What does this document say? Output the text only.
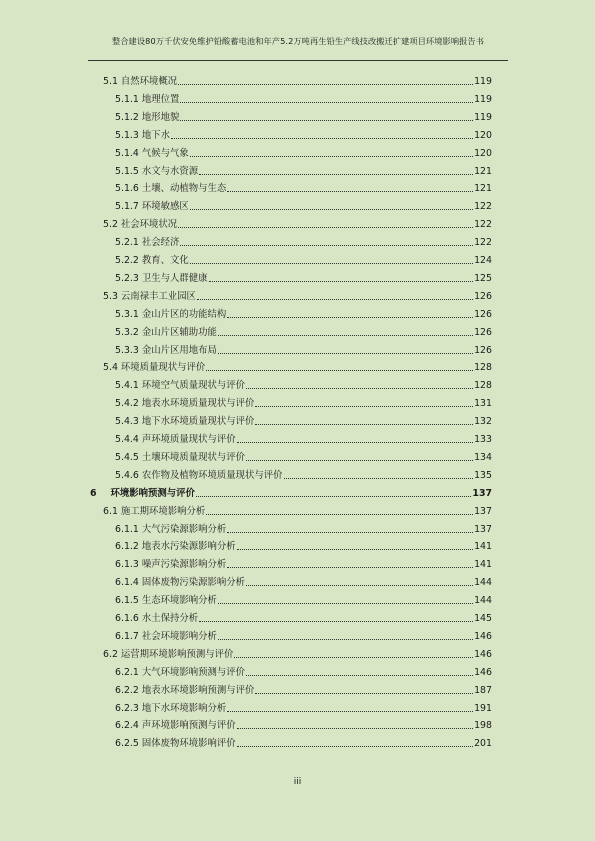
整合建设80万千伏安免维护铅酸蓄电池和年产5.2万吨再生铅生产线技改搬迁扩建项目环境影响报告书
5.1 自然环境概况	119
5.1.1 地理位置	119
5.1.2 地形地貌	119
5.1.3 地下水	120
5.1.4 气候与气象	120
5.1.5 水文与水资源	121
5.1.6 土壤、动植物与生态	121
5.1.7 环境敏感区	122
5.2 社会环境状况	122
5.2.1 社会经济	122
5.2.2 教育、文化	124
5.2.3 卫生与人群健康	125
5.3 云南禄丰工业园区	126
5.3.1 金山片区的功能结构	126
5.3.2 金山片区辅助功能	126
5.3.3 金山片区用地布局	126
5.4 环境质量现状与评价	128
5.4.1 环境空气质量现状与评价	128
5.4.2 地表水环境质量现状与评价	131
5.4.3 地下水环境质量现状与评价	132
5.4.4 声环境质量现状与评价	133
5.4.5 土壤环境质量现状与评价	134
5.4.6 农作物及植物环境质量现状与评价	135
6 环境影响预测与评价	137
6.1 施工期环境影响分析	137
6.1.1 大气污染源影响分析	137
6.1.2 地表水污染源影响分析	141
6.1.3 噪声污染源影响分析	141
6.1.4 固体废物污染源影响分析	144
6.1.5 生态环境影响分析	144
6.1.6 水土保持分析	145
6.1.7 社会环境影响分析	146
6.2 运营期环境影响预测与评价	146
6.2.1 大气环境影响预测与评价	146
6.2.2 地表水环境影响预测与评价	187
6.2.3 地下水环境影响分析	191
6.2.4 声环境影响预测与评价	198
6.2.5 固体废物环境影响评价	201
iii
